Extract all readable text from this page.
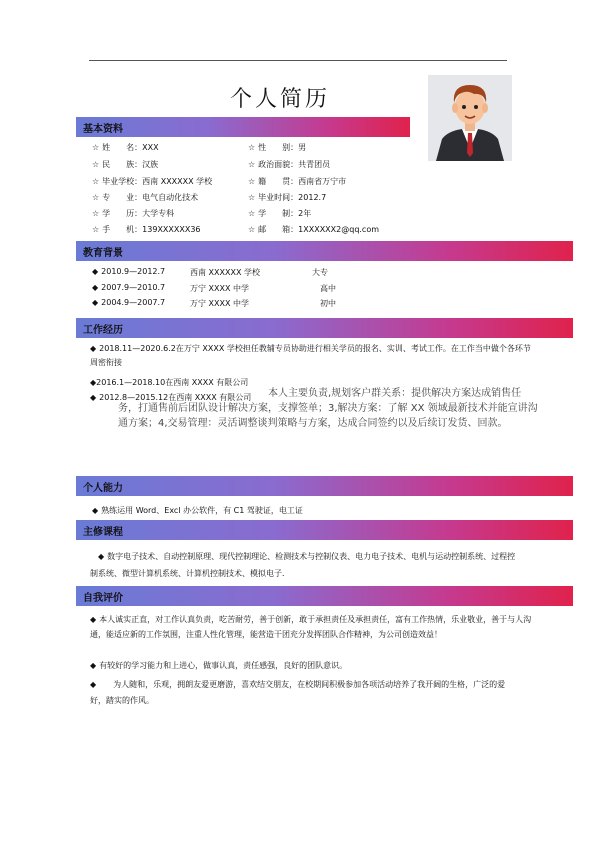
个人简历
基本资料
☆ 姓　　名：XXX	☆ 性　　别：男
☆ 民　　族：汉族	☆ 政治面貌：共青团员
☆ 毕业学校：西南 XXXXXX 学校	☆ 籍　　贯：西南省万宁市
☆ 专　　业：电气自动化技术	☆ 毕业时间：2012.7
☆ 学　　历：大学专科	☆ 学　　制：2年
☆ 手　　机：139XXXXXX36	☆ 邮　　箱：1XXXXXX2@qq.com
教育背景
◆ 2010.9—2012.7	西南 XXXXXX 学校	大专
◆ 2007.9—2010.7	万宁 XXXX 中学	高中
◆ 2004.9—2007.7	万宁 XXXX 中学	初中
工作经历
◆ 2018.11—2020.6.2在万宁 XXXX 学校担任教辅专员协助进行相关学员的报名、实训、考试工作。在工作当中做个各环节周密衔接
◆2016.1—2018.10在西南 XXXX 有限公司
◆ 2012.8—2015.12在西南 XXXX 有限公司	本人主要负责,规划客户群关系：提供解决方案达成销售任务，打通售前后团队设计解决方案，支撑签单；3,解决方案：了解 XX 领域最新技术并能宣讲沟通方案；4,交易管理：灵活调整谈判策略与方案，达成合同签约以及后续订发货、回款。
个人能力
◆ 熟练运用 Word、Excl 办公软件，有 C1 驾驶证，电工证
主修课程
◆ 数字电子技术、自动控制原理、现代控制理论、检测技术与控制仪表、电力电子技术、电机与运动控制系统、过程控制系统、微型计算机系统、计算机控制技术、模拟电子．
自我评价
◆ 本人诚实正直，对工作认真负责，吃苦耐劳，善于创新，敢于承担责任及承担责任，富有工作热情，乐业敬业，善于与人沟通，能适应新的工作氛围，注重人性化管理，能营造干团充分发挥团队合作精神，为公司创造效益！
◆ 有较好的学习能力和上进心，做事认真，责任感强，良好的团队意识。
◆ 为人随和，乐观，拥朗友爱更磨游，喜欢结交朋友，在校期间积极参加各项活动培养了我开阔的生格，广泛的爱好，踏实的作风。
